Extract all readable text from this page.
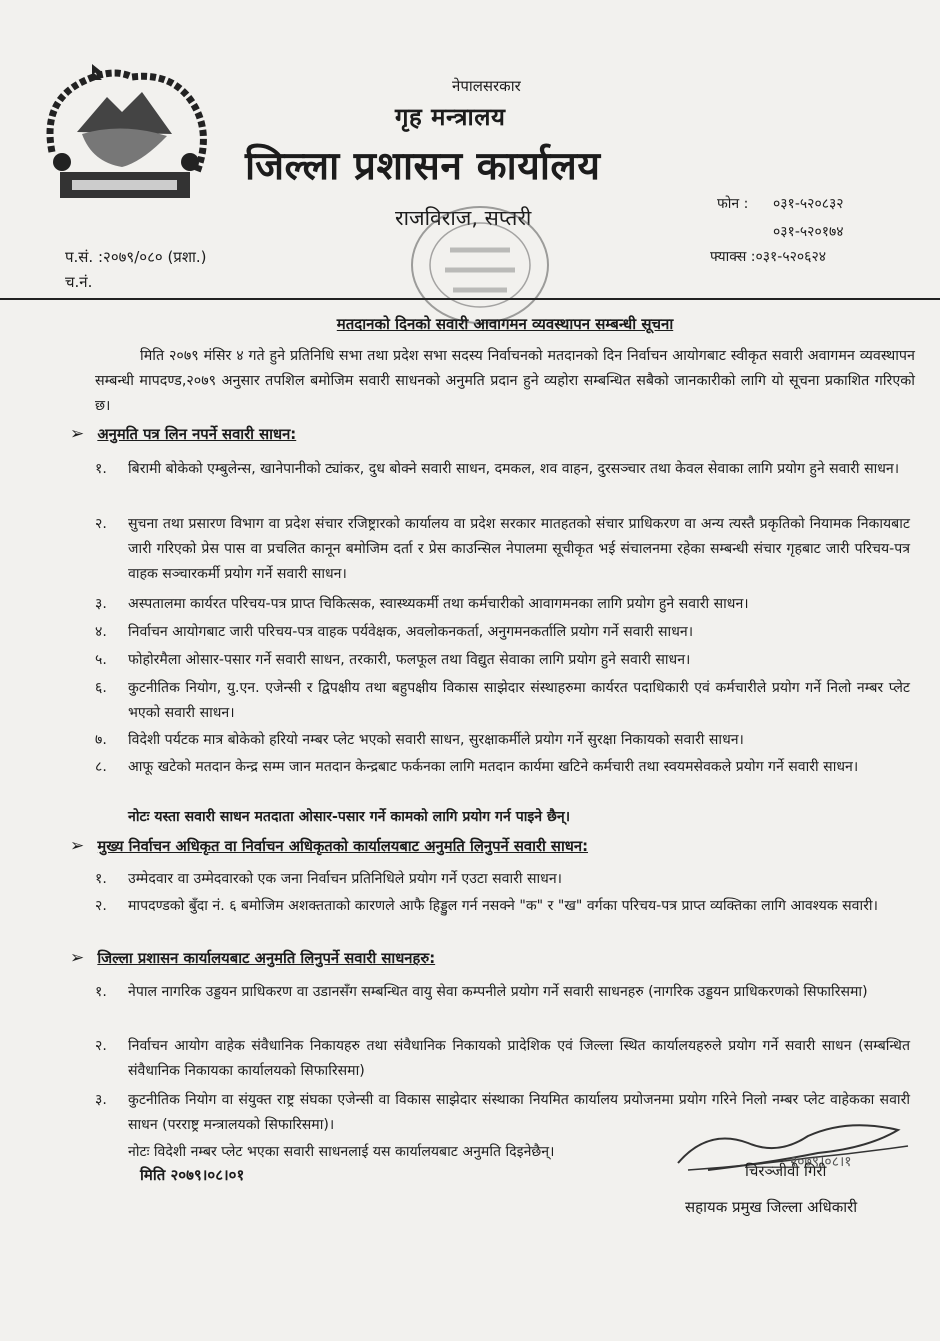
नेपालसरकार
गृह मन्त्रालय
जिल्ला प्रशासन कार्यालय
राजविराज, सप्तरी
फोन : ०३१-५२०८३२
०३१-५२०१७४
फ्याक्स :०३१-५२०६२४
प.सं. :२०७९/०८० (प्रशा.)
च.नं.
मतदानको दिनको सवारी आवागमन व्यवस्थापन सम्बन्धी सूचना
मिति २०७९ मंसिर ४ गते हुने प्रतिनिधि सभा तथा प्रदेश सभा सदस्य निर्वाचनको मतदानको दिन निर्वाचन आयोगबाट स्वीकृत सवारी अवागमन व्यवस्थापन सम्बन्धी मापदण्ड,२०७९ अनुसार तपशिल बमोजिम सवारी साधनको अनुमति प्रदान हुने व्यहोरा सम्बन्धित सबैको जानकारीको लागि यो सूचना प्रकाशित गरिएको छ।
➢ अनुमति पत्र लिन नपर्ने सवारी साधन:
१. बिरामी बोकेको एम्बुलेन्स, खानेपानीको ट्यांकर, दुध बोक्ने सवारी साधन, दमकल, शव वाहन, दुरसञ्चार तथा केवल सेवाका लागि प्रयोग हुने सवारी साधन।
२. सुचना तथा प्रसारण विभाग वा प्रदेश संचार रजिष्ट्रारको कार्यालय वा प्रदेश सरकार मातहतको संचार प्राधिकरण वा अन्य त्यस्तै प्रकृतिको नियामक निकायबाट जारी गरिएको प्रेस पास वा प्रचलित कानून बमोजिम दर्ता र प्रेस काउन्सिल नेपालमा सूचीकृत भई संचालनमा रहेका सम्बन्धी संचार गृहबाट जारी परिचय-पत्र वाहक सञ्चारकर्मी प्रयोग गर्ने सवारी साधन।
३. अस्पतालमा कार्यरत परिचय-पत्र प्राप्त चिकित्सक, स्वास्थ्यकर्मी तथा कर्मचारीको आवागमनका लागि प्रयोग हुने सवारी साधन।
४. निर्वाचन आयोगबाट जारी परिचय-पत्र वाहक पर्यवेक्षक, अवलोकनकर्ता, अनुगमनकर्तालि प्रयोग गर्ने सवारी साधन।
५. फोहोरमैला ओसार-पसार गर्ने सवारी साधन, तरकारी, फलफूल तथा विद्युत सेवाका लागि प्रयोग हुने सवारी साधन।
६. कुटनीतिक नियोग, यु.एन. एजेन्सी र द्विपक्षीय तथा बहुपक्षीय विकास साझेदार संस्थाहरुमा कार्यरत पदाधिकारी एवं कर्मचारीले प्रयोग गर्ने निलो नम्बर प्लेट भएको सवारी साधन।
७. विदेशी पर्यटक मात्र बोकेको हरियो नम्बर प्लेट भएको सवारी साधन, सुरक्षाकर्मीले प्रयोग गर्ने सुरक्षा निकायको सवारी साधन।
८. आफू खटेको मतदान केन्द्र सम्म जान मतदान केन्द्रबाट फर्कनका लागि मतदान कार्यमा खटिने कर्मचारी तथा स्वयमसेवकले प्रयोग गर्ने सवारी साधन।
नोटः यस्ता सवारी साधन मतदाता ओसार-पसार गर्ने कामको लागि प्रयोग गर्न पाइने छैन्।
➢ मुख्य निर्वाचन अधिकृत वा निर्वाचन अधिकृतको कार्यालयबाट अनुमति लिनुपर्ने सवारी साधन:
१. उम्मेदवार वा उम्मेदवारको एक जना निर्वाचन प्रतिनिधिले प्रयोग गर्ने एउटा सवारी साधन।
२. मापदण्डको बुँदा नं. ६ बमोजिम अशक्तताको कारणले आफै हिड्डुल गर्न नसक्ने "क" र "ख" वर्गका परिचय-पत्र प्राप्त व्यक्तिका लागि आवश्यक सवारी।
➢ जिल्ला प्रशासन कार्यालयबाट अनुमति लिनुपर्ने सवारी साधनहरु:
१. नेपाल नागरिक उड्डयन प्राधिकरण वा उडानसँग सम्बन्धित वायु सेवा कम्पनीले प्रयोग गर्ने सवारी साधनहरु (नागरिक उड्डयन प्राधिकरणको सिफारिसमा)
२. निर्वाचन आयोग वाहेक संवैधानिक निकायहरु तथा संवैधानिक निकायको प्रादेशिक एवं जिल्ला स्थित कार्यालयहरुले प्रयोग गर्ने सवारी साधन (सम्बन्धित संवैधानिक निकायका कार्यालयको सिफारिसमा)
३. कुटनीतिक नियोग वा संयुक्त राष्ट्र संघका एजेन्सी वा विकास साझेदार संस्थाका नियमित कार्यालय प्रयोजनमा प्रयोग गरिने निलो नम्बर प्लेट वाहेकका सवारी साधन (परराष्ट्र मन्त्रालयको सिफारिसमा)।
नोटः विदेशी नम्बर प्लेट भएका सवारी साधनलाई यस कार्यालयबाट अनुमति दिइनेछैन्।
२०७९।०८।१
मिति २०७९।०८।०१	चिरञ्जीवी गिरी
सहायक प्रमुख जिल्ला अधिकारी
